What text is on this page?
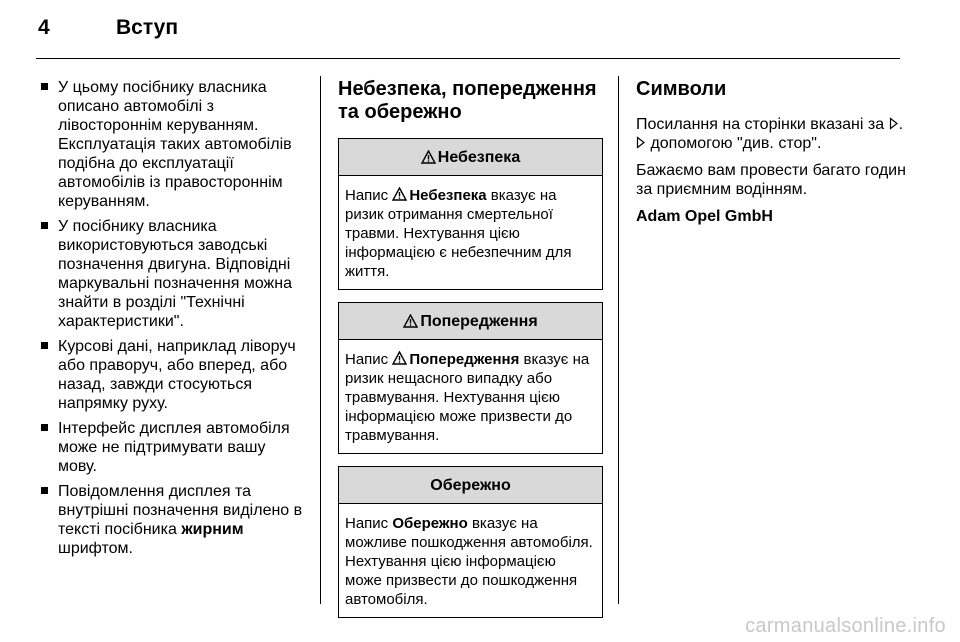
4	Вступ
У цьому посібнику власника описано автомобілі з лівостороннім керуванням. Експлуатація таких автомобілів подібна до експлуатації автомобілів із правостороннім керуванням.
У посібнику власника використовуються заводські позначення двигуна. Відповідні маркувальні позначення можна знайти в розділі "Технічні характеристики".
Курсові дані, наприклад ліворуч або праворуч, або вперед, або назад, завжди стосуються напрямку руху.
Інтерфейс дисплея автомобіля може не підтримувати вашу мову.
Повідомлення дисплея та внутрішні позначення виділено в тексті посібника жирним шрифтом.
Небезпека, попередження та обережно
Небезпека
Напис Небезпека вказує на ризик отримання смертельної травми. Нехтування цією інформацією є небезпечним для життя.
Попередження
Напис Попередження вказує на ризик нещасного випадку або травмування. Нехтування цією інформацією може призвести до травмування.
Обережно
Напис Обережно вказує на можливе пошкодження автомобіля. Нехтування цією інформацією може призвести до пошкодження автомобіля.
Символи

Посилання на сторінки вказані за .  допомогою "див. стор".

Бажаємо вам провести багато годин за приємним водінням.

Adam Opel GmbH

carmanualsonline.info
